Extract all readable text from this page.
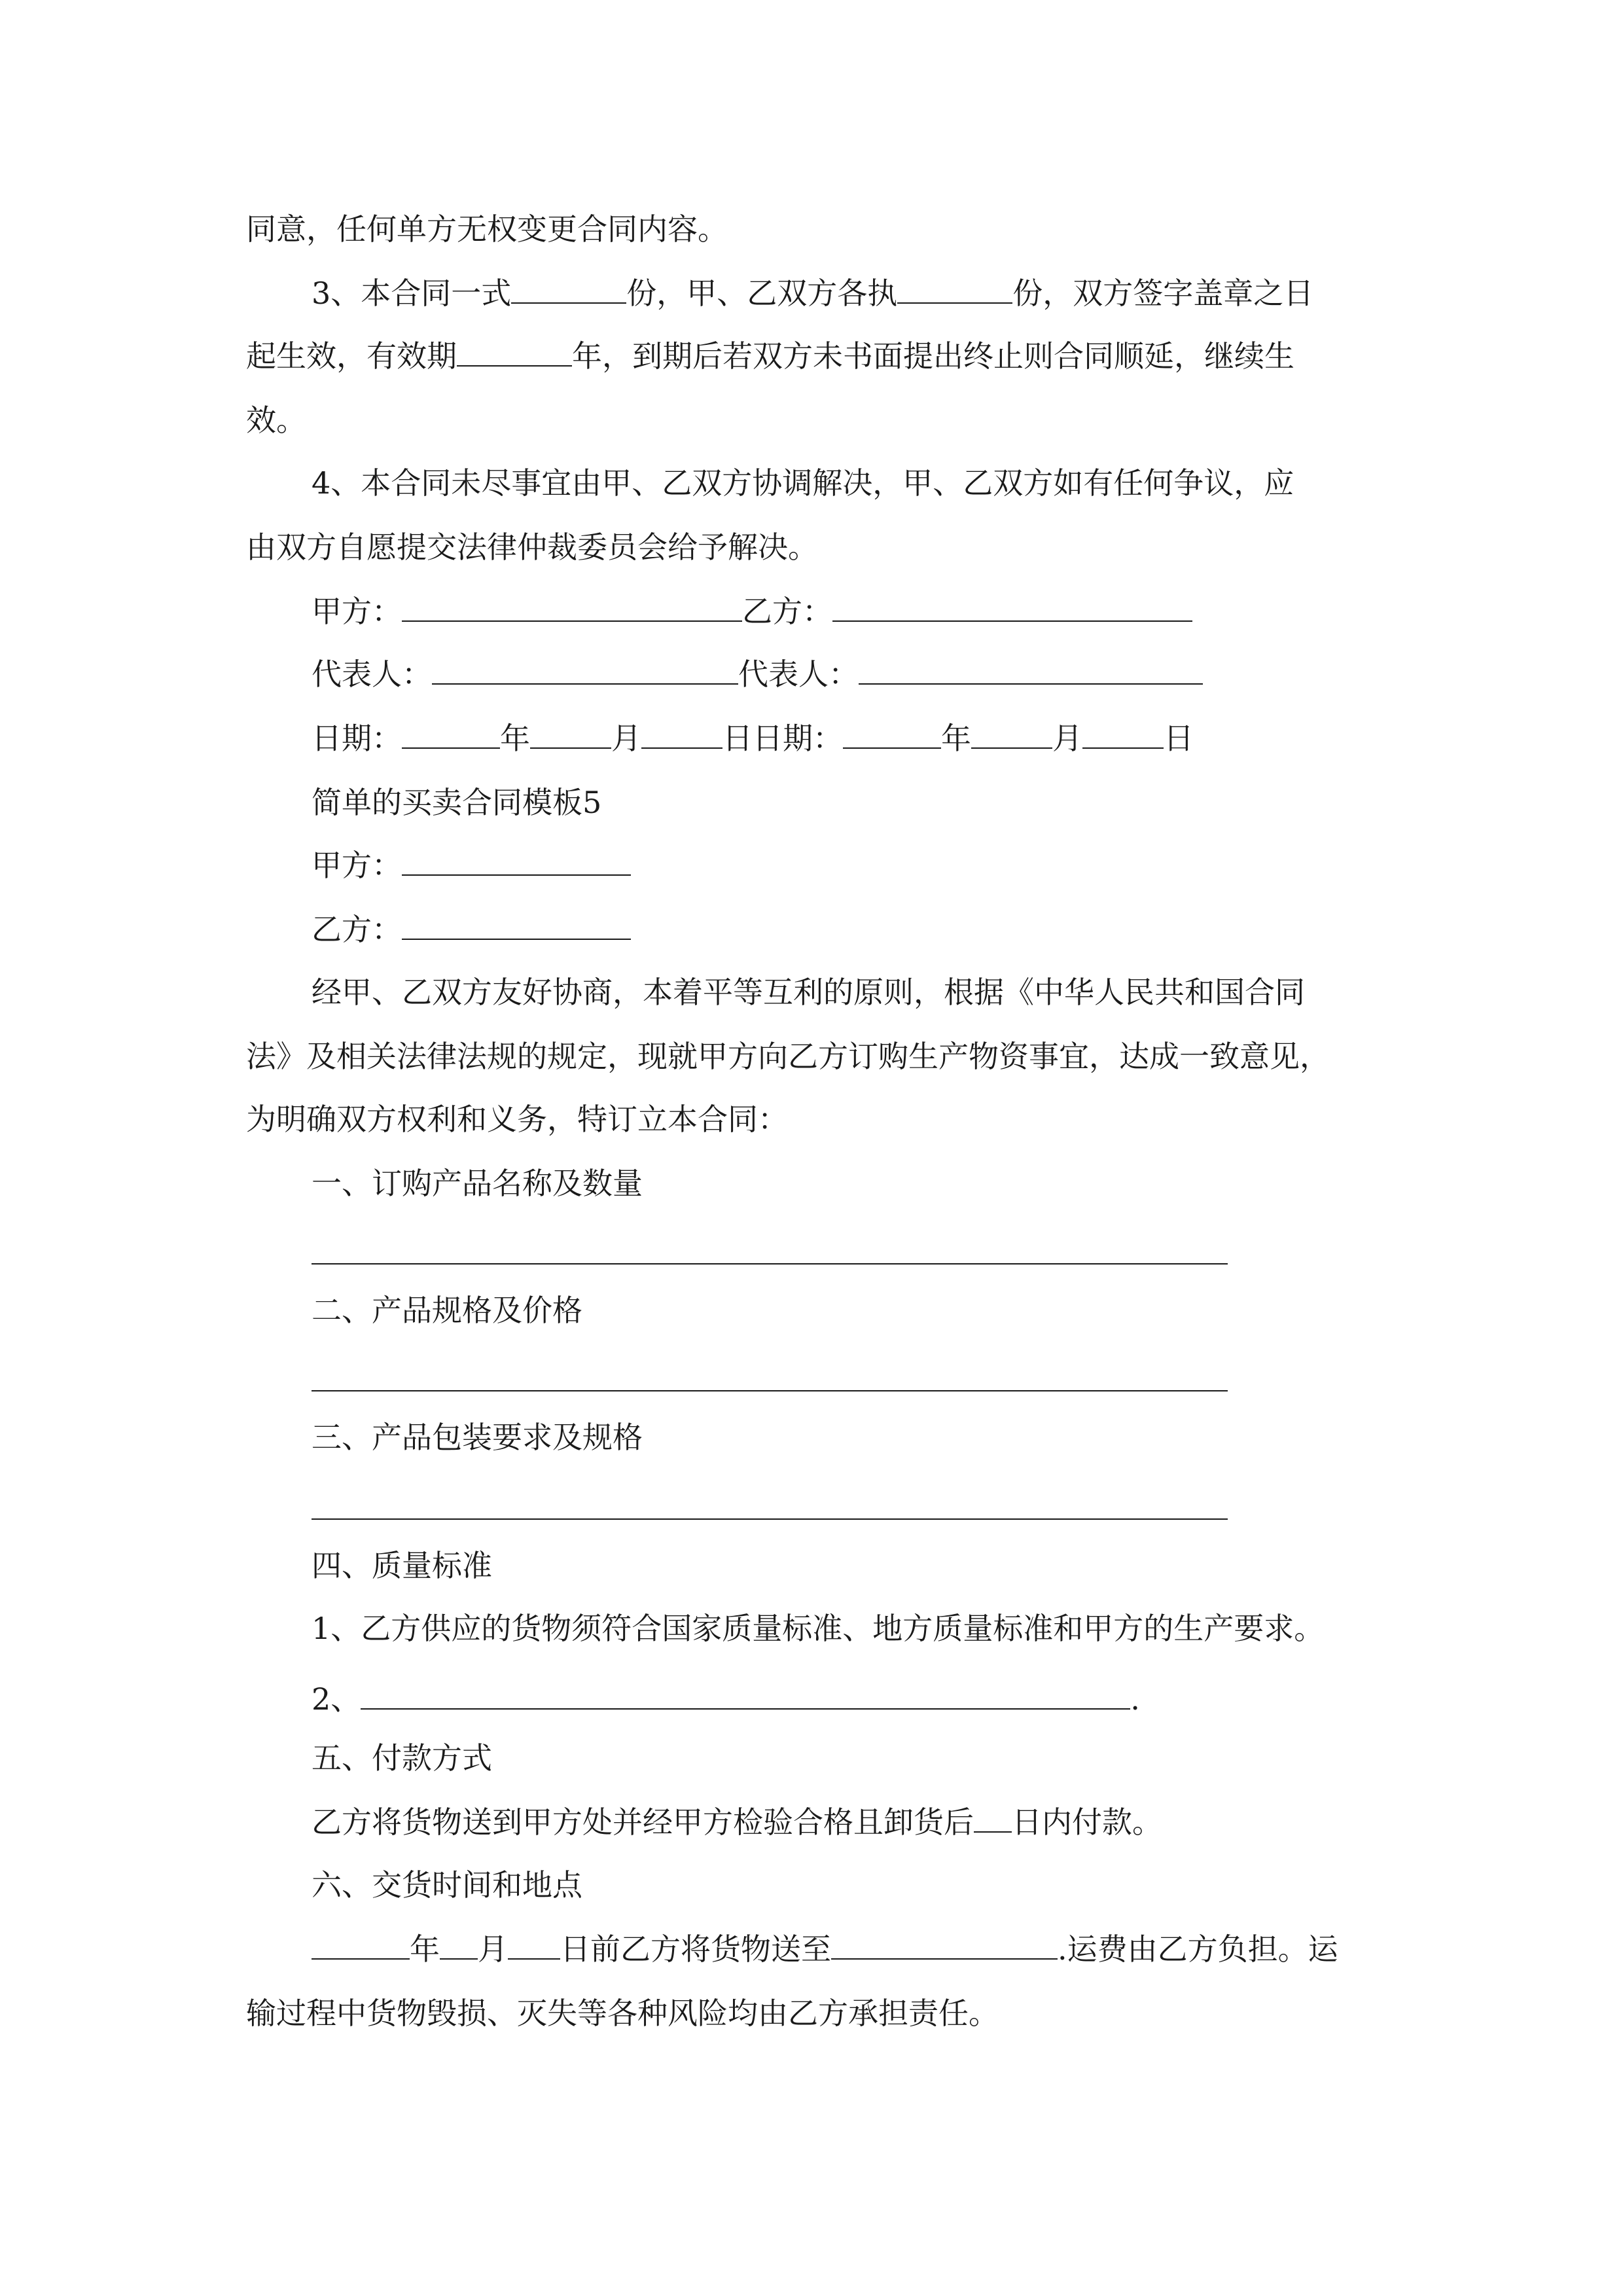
同意，任何单方无权变更合同内容。
3、本合同一式	份，甲、乙双方各执	份，双方签字盖章之日
起生效，有效期	年，到期后若双方未书面提出终止则合同顺延，继续生
效。
4、本合同未尽事宜由甲、乙双方协调解决，甲、乙双方如有任何争议，应
由双方自愿提交法律仲裁委员会给予解决。
甲方：	乙方：
代表人：	代表人：
日期：	年	月	日日期：	年	月	日
简单的买卖合同模板5
甲方：
乙方：
经甲、乙双方友好协商，本着平等互利的原则，根据《中华人民共和国合同
法》及相关法律法规的规定，现就甲方向乙方订购生产物资事宜，达成一致意见，
为明确双方权利和义务，特订立本合同：
一、订购产品名称及数量
二、产品规格及价格
三、产品包装要求及规格
四、质量标准
1、乙方供应的货物须符合国家质量标准、地方质量标准和甲方的生产要求。
2、	.
五、付款方式
乙方将货物送到甲方处并经甲方检验合格且卸货后 日内付款。
六、交货时间和地点
年 月 日前乙方将货物送至	.运费由乙方负担。运
输过程中货物毁损、灭失等各种风险均由乙方承担责任。
